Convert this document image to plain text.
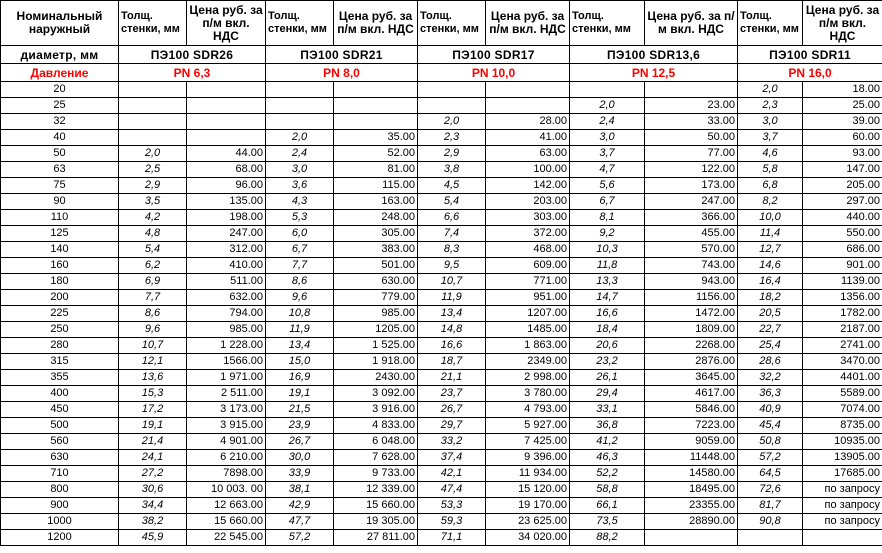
Номинальный наружный	Толщ. стенки, мм	Цена руб. за п/м вкл. НДС	Толщ. стенки, мм	Цена руб. за п/м вкл. НДС	Толщ. стенки, мм	Цена руб. за п/м вкл. НДС	Толщ. стенки, мм	Цена руб. за п/м вкл. НДС	Толщ. стенки, мм	Цена руб. за п/м вкл. НДС
диаметр, мм	ПЭ100 SDR26		ПЭ100 SDR21		ПЭ100 SDR17		ПЭ100 SDR13,6		ПЭ100 SDR11	
Давление	PN 6,3		PN 8,0		PN 10,0		PN 12,5		PN 16,0	
20									2,0	18.00
25							2,0	23.00	2,3	25.00
32					2,0	28.00	2,4	33.00	3,0	39.00
40			2,0	35.00	2,3	41.00	3,0	50.00	3,7	60.00
50	2,0	44.00	2,4	52.00	2,9	63.00	3,7	77.00	4,6	93.00
63	2,5	68.00	3,0	81.00	3,8	100.00	4,7	122.00	5,8	147.00
75	2,9	96.00	3,6	115.00	4,5	142.00	5,6	173.00	6,8	205.00
90	3,5	135.00	4,3	163.00	5,4	203.00	6,7	247.00	8,2	297.00
110	4,2	198.00	5,3	248.00	6,6	303.00	8,1	366.00	10,0	440.00
125	4,8	247.00	6,0	305.00	7,4	372.00	9,2	455.00	11,4	550.00
140	5,4	312.00	6,7	383.00	8,3	468.00	10,3	570.00	12,7	686.00
160	6,2	410.00	7,7	501.00	9,5	609.00	11,8	743.00	14,6	901.00
180	6,9	511.00	8,6	630.00	10,7	771.00	13,3	943.00	16,4	1139.00
200	7,7	632.00	9,6	779.00	11,9	951.00	14,7	1156.00	18,2	1356.00
225	8,6	794.00	10,8	985.00	13,4	1207.00	16,6	1472.00	20,5	1782.00
250	9,6	985.00	11,9	1205.00	14,8	1485.00	18,4	1809.00	22,7	2187.00
280	10,7	1 228.00	13,4	1 525.00	16,6	1 863.00	20,6	2268.00	25,4	2741.00
315	12,1	1566.00	15,0	1 918.00	18,7	2349.00	23,2	2876.00	28,6	3470.00
355	13,6	1 971.00	16,9	2430.00	21,1	2 998.00	26,1	3645.00	32,2	4401.00
400	15,3	2 511.00	19,1	3 092.00	23,7	3 780.00	29,4	4617.00	36,3	5589.00
450	17,2	3 173.00	21,5	3 916.00	26,7	4 793.00	33,1	5846.00	40,9	7074.00
500	19,1	3 915.00	23,9	4 833.00	29,7	5 927.00	36,8	7223.00	45,4	8735.00
560	21,4	4 901.00	26,7	6 048.00	33,2	7 425.00	41,2	9059.00	50,8	10935.00
630	24,1	6 210.00	30,0	7 628.00	37,4	9 396.00	46,3	11448.00	57,2	13905.00
710	27,2	7898.00	33,9	9 733.00	42,1	11 934.00	52,2	14580.00	64,5	17685.00
800	30,6	10 003. 00	38,1	12 339.00	47,4	15 120.00	58,8	18495.00	72,6	по запросу
900	34,4	12 663.00	42,9	15 660.00	53,3	19 170.00	66,1	23355.00	81,7	по запросу
1000	38,2	15 660.00	47,7	19 305.00	59,3	23 625.00	73,5	28890.00	90,8	по запросу
1200	45,9	22 545.00	57,2	27 811.00	71,1	34 020.00	88,2			
